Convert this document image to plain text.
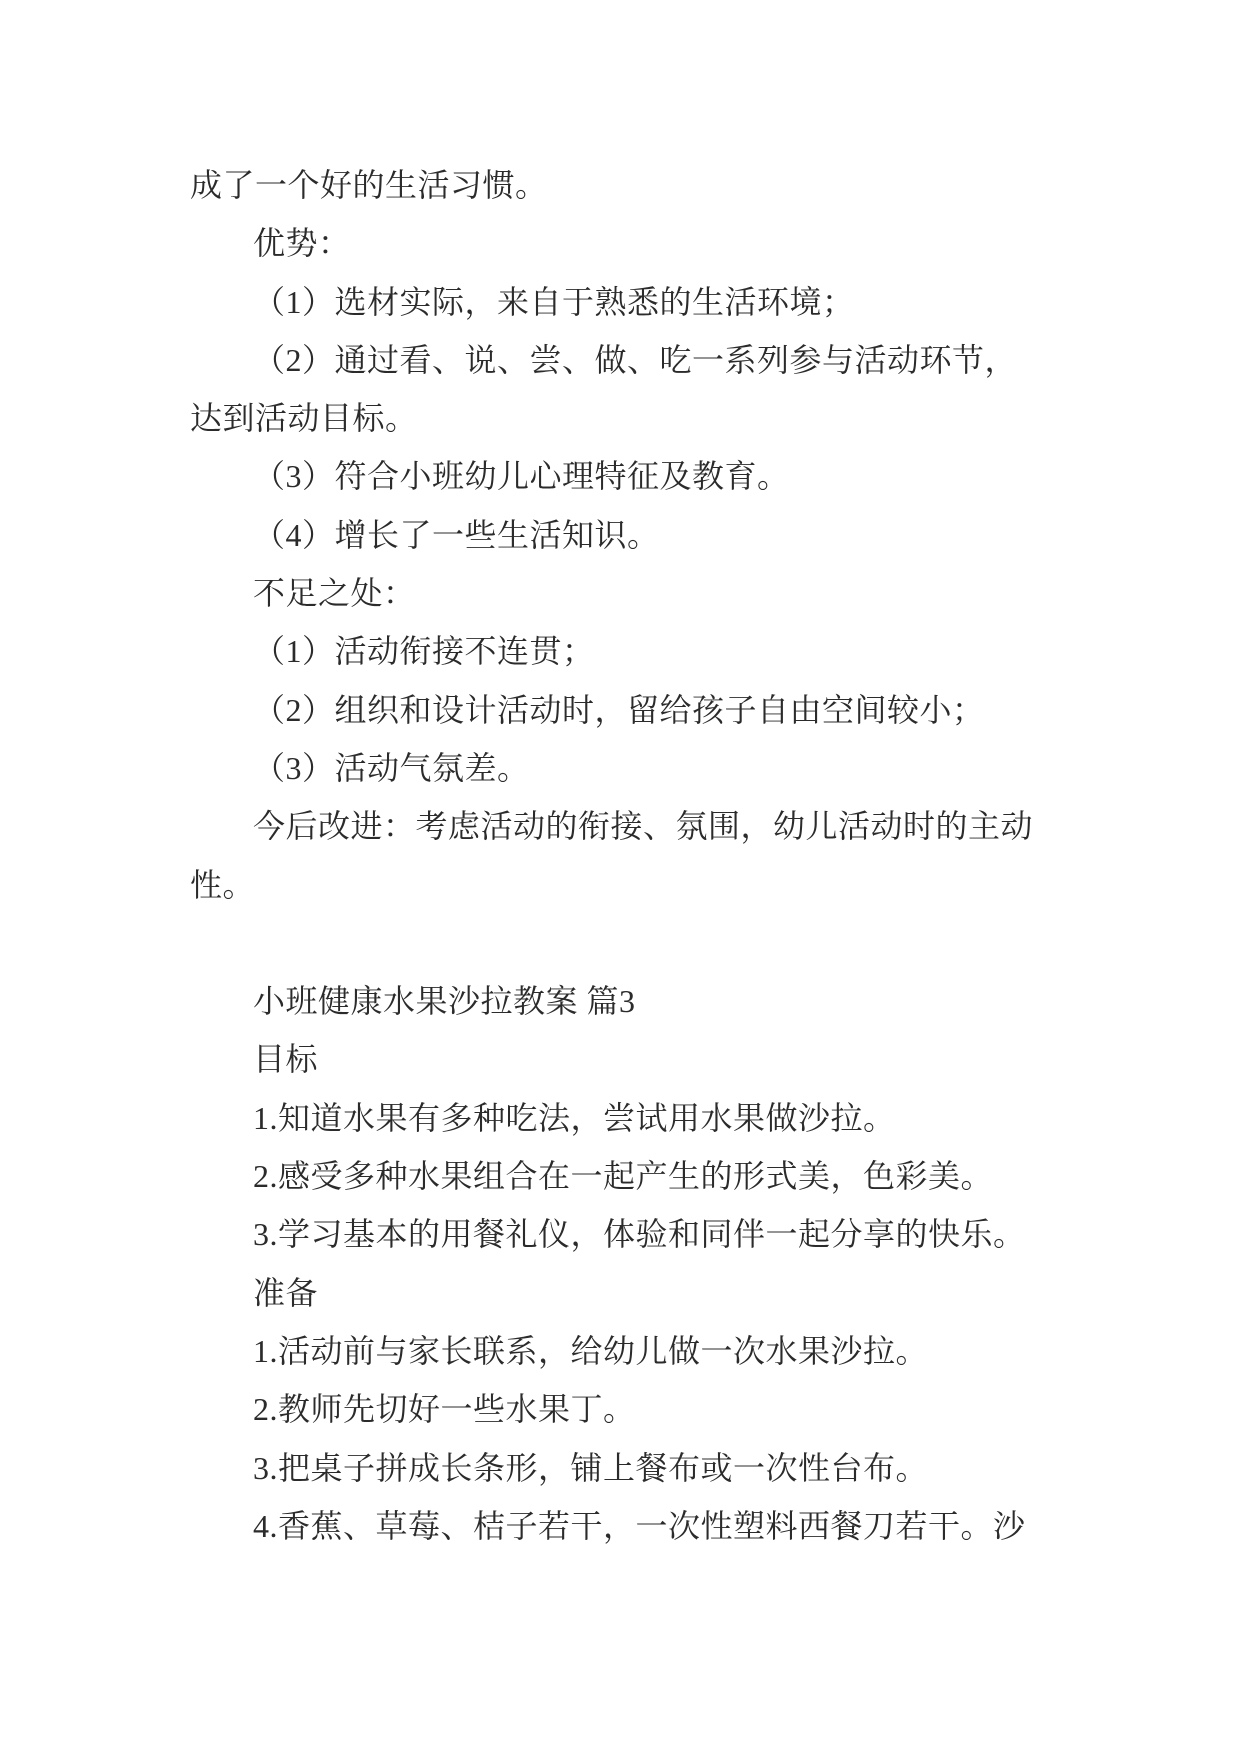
成了一个好的生活习惯。
优势：
（1）选材实际，来自于熟悉的生活环境；
（2）通过看、说、尝、做、吃一系列参与活动环节，
达到活动目标。
（3）符合小班幼儿心理特征及教育。
（4）增长了一些生活知识。
不足之处：
（1）活动衔接不连贯；
（2）组织和设计活动时，留给孩子自由空间较小；
（3）活动气氛差。
今后改进：考虑活动的衔接、氛围，幼儿活动时的主动
性。
小班健康水果沙拉教案 篇3
目标
1.知道水果有多种吃法，尝试用水果做沙拉。
2.感受多种水果组合在一起产生的形式美，色彩美。
3.学习基本的用餐礼仪，体验和同伴一起分享的快乐。
准备
1.活动前与家长联系，给幼儿做一次水果沙拉。
2.教师先切好一些水果丁。
3.把桌子拼成长条形，铺上餐布或一次性台布。
4.香蕉、草莓、桔子若干，一次性塑料西餐刀若干。沙
